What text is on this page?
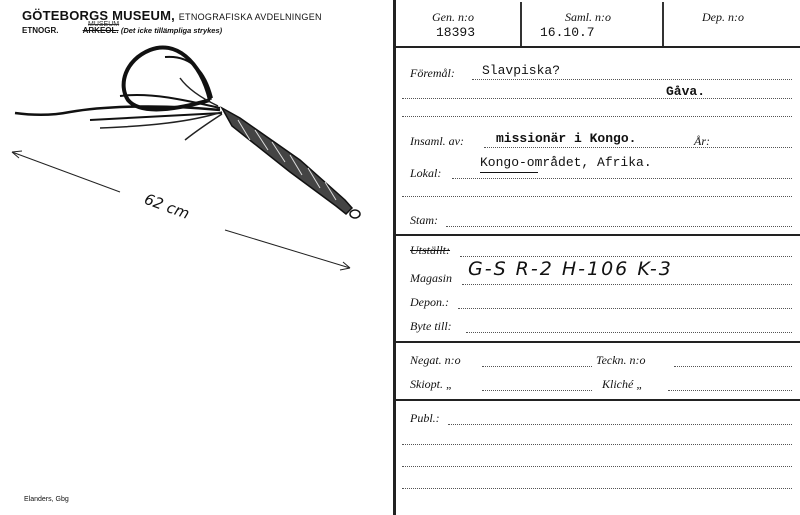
GÖTEBORGS MUSEUM, ETNOGRAFISKA AVDELNINGEN
ETNOGR.	ARKEOL. (Det icke tillämpliga strykes)
MUSEUM
62 cm
Elanders, Gbg
Gen. n:o
18393
Saml. n:o
16.10.7
Dep. n:o
Föremål: Slavpiska?
Gåva.
Insaml. av: missionär i Kongo.	År:
Lokal:
Kongo-området, Afrika.
Stam:
Utställt:
Magasin G-S R-2 H-106 K-3
Depon.:
Byte till:
Negat. n:o	Teckn. n:o
Skiopt. „	Kliché „
Publ.:
